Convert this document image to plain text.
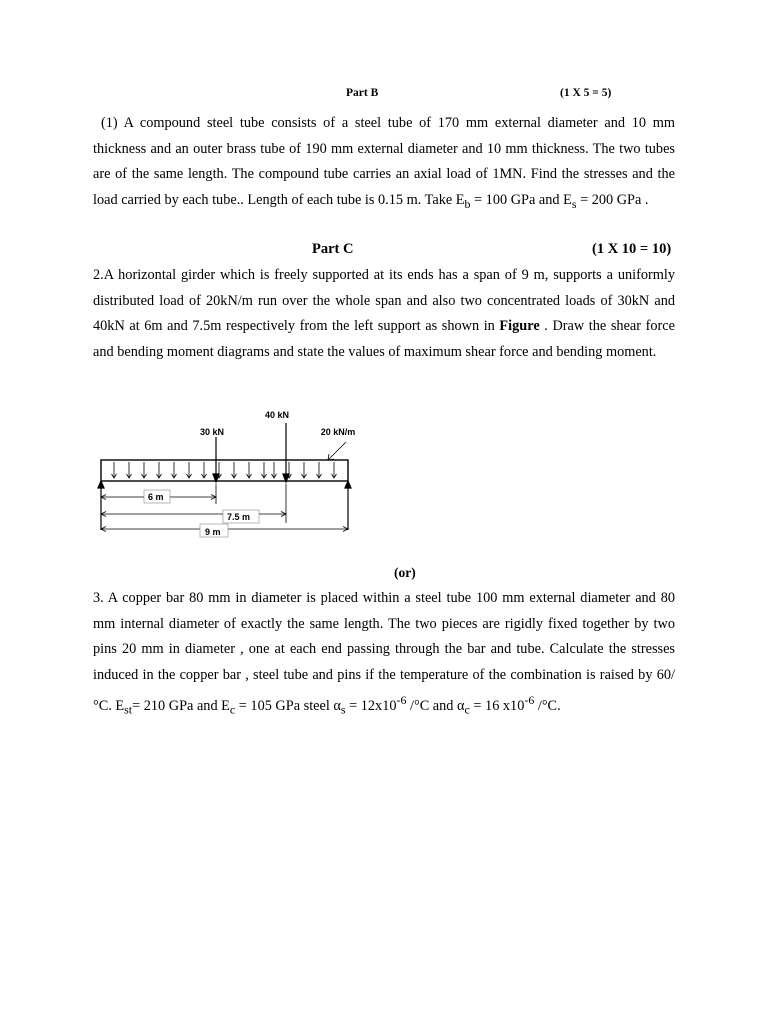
Part B	(1 X 5 = 5)

(1) A compound steel tube consists of a steel tube of 170 mm external diameter and 10 mm thickness and an outer brass tube of 190 mm external diameter and 10 mm thickness. The two tubes are of the same length. The compound tube carries an axial load of 1MN. Find the stresses and the load carried by each tube.. Length of each tube is 0.15 m. Take $E_b = 100$ GPa and $E_s = 200$ GPa .

Part C	(1 X 10 = 10)

2.A horizontal girder which is freely supported at its ends has a span of 9 m, supports a uniformly distributed load of 20kN/m run over the whole span and also two concentrated loads of 30kN and 40kN at 6m and 7.5m respectively from the left support as shown in Figure . Draw the shear force and bending moment diagrams and state the values of maximum shear force and bending moment.

30 kN
40 kN
20 kN/m
6 m
7.5 m
9 m
(or)

3. A copper bar 80 mm in diameter is placed within a steel tube 100 mm external diameter and 80 mm internal diameter of exactly the same length. The two pieces are rigidly fixed together by two pins 20 mm in diameter , one at each end passing through the bar and tube. Calculate the stresses induced in the copper bar , steel tube and pins if the temperature of the combination is raised by 60/°C. $E_{st}= 210$ GPa and $E_c = 105$ GPa steel $\alpha_s = 12x10^{-6}$ /°C and $\alpha_c = 16$ $x10^{-6}$ /°C.
